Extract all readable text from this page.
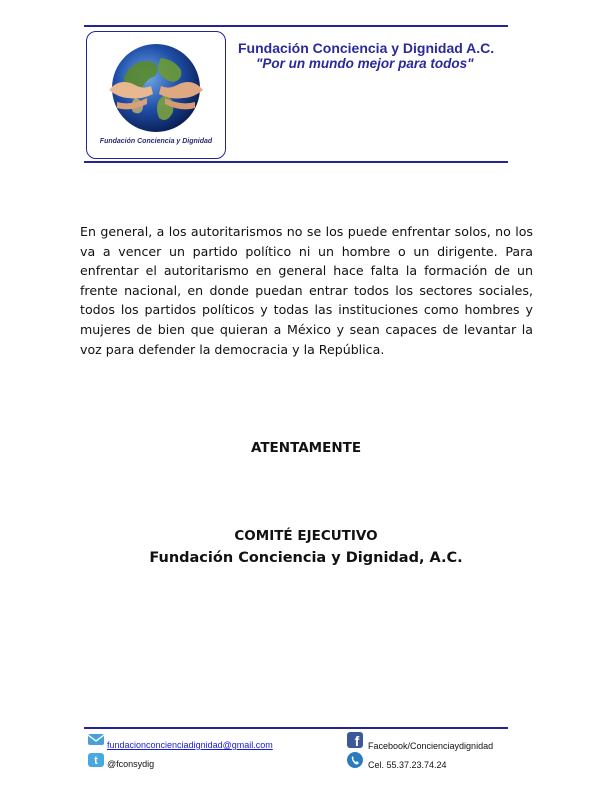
Fundación Conciencia y Dignidad
Fundación Conciencia y Dignidad A.C.
"Por un mundo mejor para todos"

En general, a los autoritarismos no se los puede enfrentar solos, no los va a vencer un partido político ni un hombre o un dirigente. Para enfrentar el autoritarismo en general hace falta la formación de un frente nacional, en donde puedan entrar todos los sectores sociales, todos los partidos políticos y todas las instituciones como hombres y mujeres de bien que quieran a México y sean capaces de levantar la voz para defender la democracia y la República.

ATENTAMENTE
COMITÉ EJECUTIVO
Fundación Conciencia y Dignidad, A.C.
fundacionconcienciadignidad@gmail.com
t @fconsydig
f Facebook/Concienciaydignidad
Cel. 55.37.23.74.24
